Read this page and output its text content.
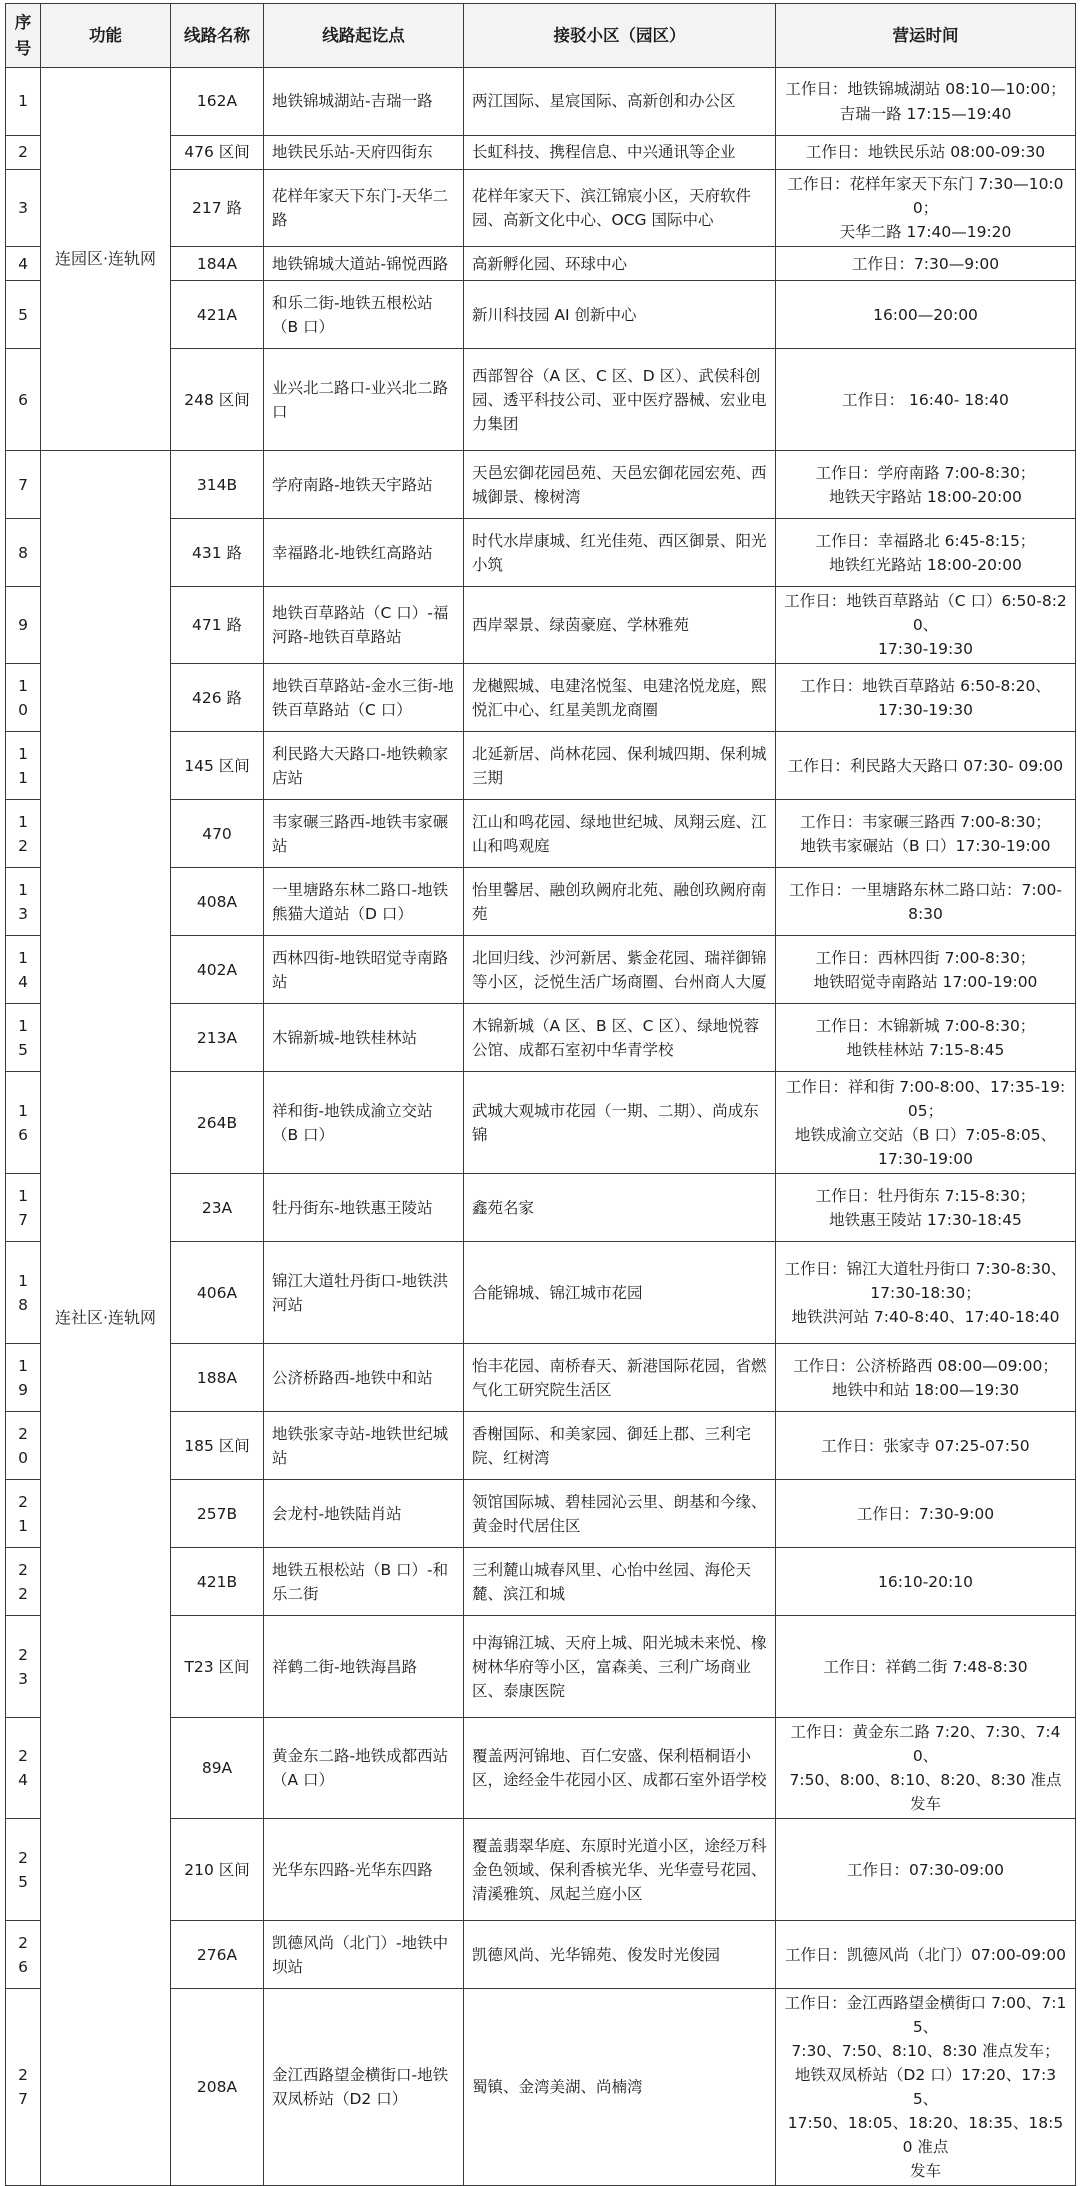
序号	功能	线路名称	线路起讫点	接驳小区（园区）	营运时间
1	连园区·连轨网	162A	地铁锦城湖站-吉瑞一路	两江国际、星宸国际、高新创和办公区	工作日：地铁锦城湖站 08:10—10:00；
吉瑞一路 17:15—19:40

2		476 区间	地铁民乐站-天府四街东	长虹科技、携程信息、中兴通讯等企业	工作日：地铁民乐站 08:00-09:30

3		217 路	花样年家天下东门-天华二路	花样年家天下、滨江锦宸小区，天府软件园、高新文化中心、OCG 国际中心	工作日：花样年家天下东门 7:30—10:00；
天华二路 17:40—19:20

4		184A	地铁锦城大道站-锦悦西路	高新孵化园、环球中心	工作日：7:30—9:00

5		421A	和乐二街-地铁五根松站（B 口）	新川科技园 AI 创新中心	16:00—20:00

6		248 区间	业兴北二路口-业兴北二路口	西部智谷（A 区、C 区、D 区）、武侯科创园、透平科技公司、亚中医疗器械、宏业电力集团	工作日： 16:40- 18:40

7	连社区·连轨网	314B	学府南路-地铁天宇路站	天邑宏御花园邑苑、天邑宏御花园宏苑、西城御景、橡树湾	工作日：学府南路 7:00-8:30；
地铁天宇路站 18:00-20:00

8		431 路	幸福路北-地铁红高路站	时代水岸康城、红光佳苑、西区御景、阳光小筑	工作日：幸福路北 6:45-8:15；
地铁红光路站 18:00-20:00

9		471 路	地铁百草路站（C 口）-福河路-地铁百草路站	西岸翠景、绿茵豪庭、学林雅苑	工作日：地铁百草路站（C 口）6:50-8:20、
17:30-19:30

10		426 路	地铁百草路站-金水三街-地铁百草路站（C 口）	龙樾熙城、电建洺悦玺、电建洺悦龙庭，熙悦汇中心、红星美凯龙商圈	工作日：地铁百草路站 6:50-8:20、
17:30-19:30

11		145 区间	利民路大天路口-地铁赖家店站	北延新居、尚林花园、保利城四期、保利城三期	工作日：利民路大天路口 07:30- 09:00

12		470	韦家碾三路西-地铁韦家碾站	江山和鸣花园、绿地世纪城、凤翔云庭、江山和鸣观庭	工作日：韦家碾三路西 7:00-8:30；
地铁韦家碾站（B 口）17:30-19:00

13		408A	一里塘路东林二路口-地铁熊猫大道站（D 口）	怡里馨居、融创玖阙府北苑、融创玖阙府南苑	工作日：一里塘路东林二路口站：7:00-8:30

14		402A	西林四街-地铁昭觉寺南路站	北回归线、沙河新居、紫金花园、瑞祥御锦等小区，泛悦生活广场商圈、台州商人大厦	工作日：西林四街 7:00-8:30；
地铁昭觉寺南路站 17:00-19:00

15		213A	木锦新城-地铁桂林站	木锦新城（A 区、B 区、C 区）、绿地悦蓉公馆、成都石室初中华青学校	工作日：木锦新城 7:00-8:30；
地铁桂林站 7:15-8:45

16		264B	祥和街-地铁成渝立交站（B 口）	武城大观城市花园（一期、二期）、尚成东锦	工作日：祥和街 7:00-8:00、17:35-19:05；
地铁成渝立交站（B 口）7:05-8:05、
17:30-19:00

17		23A	牡丹街东-地铁惠王陵站	鑫苑名家	工作日：牡丹街东 7:15-8:30；
地铁惠王陵站 17:30-18:45

18		406A	锦江大道牡丹街口-地铁洪河站	合能锦城、锦江城市花园	工作日：锦江大道牡丹街口 7:30-8:30、
17:30-18:30；
地铁洪河站 7:40-8:40、17:40-18:40

19		188A	公济桥路西-地铁中和站	怡丰花园、南桥春天、新港国际花园，省燃气化工研究院生活区	工作日：公济桥路西 08:00—09:00；
地铁中和站 18:00—19:30

20		185 区间	地铁张家寺站-地铁世纪城站	香榭国际、和美家园、御廷上郡、三利宅院、红树湾	工作日：张家寺 07:25-07:50

21		257B	会龙村-地铁陆肖站	领馆国际城、碧桂园沁云里、朗基和今缘、黄金时代居住区	工作日：7:30-9:00

22		421B	地铁五根松站（B 口）-和乐二街	三利麓山城春风里、心怡中丝园、海伦天麓、滨江和城	16:10-20:10

23		T23 区间	祥鹤二街-地铁海昌路	中海锦江城、天府上城、阳光城未来悦、橡树林华府等小区，富森美、三利广场商业区、泰康医院	工作日：祥鹤二街 7:48-8:30

24		89A	黄金东二路-地铁成都西站（A 口）	覆盖两河锦地、百仁安盛、保利梧桐语小区，途经金牛花园小区、成都石室外语学校	工作日：黄金东二路 7:20、7:30、7:40、
7:50、8:00、8:10、8:20、8:30 准点发车

25		210 区间	光华东四路-光华东四路	覆盖翡翠华庭、东原时光道小区，途经万科金色领域、保利香槟光华、光华壹号花园、清溪雅筑、凤起兰庭小区	工作日：07:30-09:00

26		276A	凯德风尚（北门）-地铁中坝站	凯德风尚、光华锦苑、俊发时光俊园	工作日：凯德风尚（北门）07:00-09:00

27		208A	金江西路望金横街口-地铁双凤桥站（D2 口）	蜀镇、金湾美湖、尚楠湾	工作日：金江西路望金横街口 7:00、7:15、
7:30、7:50、8:10、8:30 准点发车；
地铁双凤桥站（D2 口）17:20、17:35、
17:50、18:05、18:20、18:35、18:50 准点
发车
